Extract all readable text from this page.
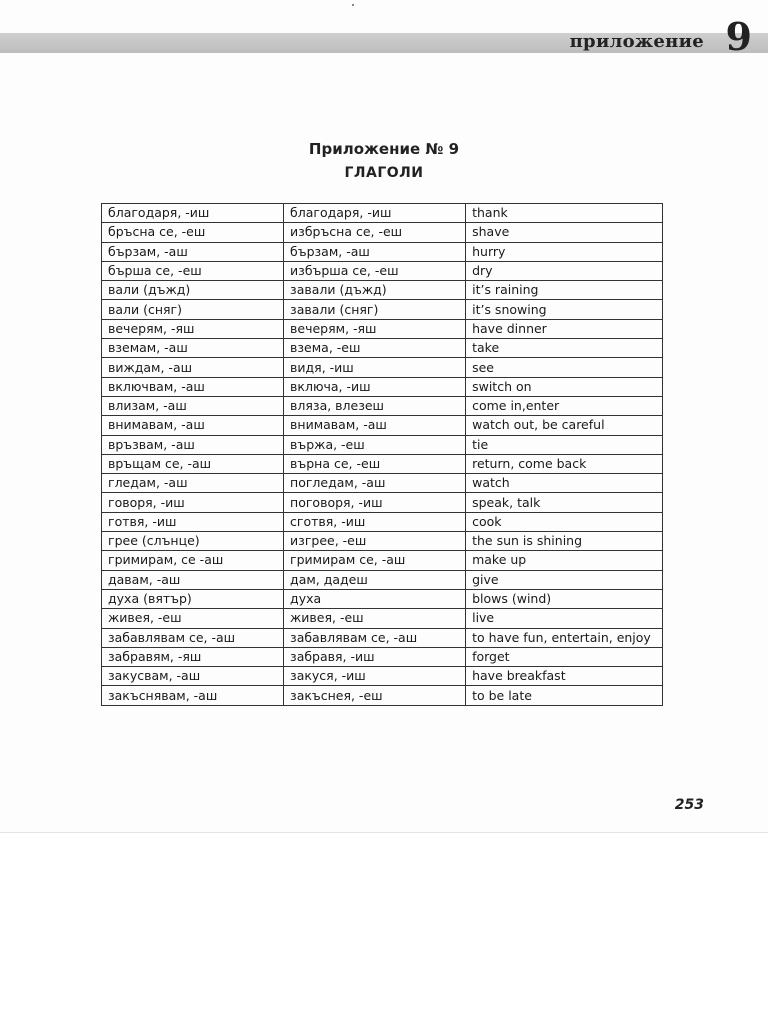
приложение 9
Приложение № 9
ГЛАГОЛИ
благодаря, -иш	благодаря, -иш	thank
бръсна се, -еш	избръсна се, -еш	shave
бързам, -аш	бързам, -аш	hurry
бърша се, -еш	избърша се, -еш	dry
вали (дъжд)	завали (дъжд)	it’s raining
вали (сняг)	завали (сняг)	it’s snowing
вечерям, -яш	вечерям, -яш	have dinner
вземам, -аш	взема, -еш	take
виждам, -аш	видя, -иш	see
включвам, -аш	включа, -иш	switch on
влизам, -аш	вляза, влезеш	come in,enter
внимавам, -аш	внимавам, -аш	watch out, be careful
връзвам, -аш	вържа, -еш	tie
връщам се, -аш	върна се, -еш	return, come back
гледам, -аш	погледам, -аш	watch
говоря, -иш	поговоря, -иш	speak, talk
готвя, -иш	сготвя, -иш	cook
грее (слънце)	изгрее, -еш	the sun is shining
гримирам, се -аш	гримирам се, -аш	make up
давам, -аш	дам, дадеш	give
духа (вятър)	духа	blows (wind)
живея, -еш	живея, -еш	live
забавлявам се, -аш	забавлявам се, -аш	to have fun, entertain, enjoy
забравям, -яш	забравя, -иш	forget
закусвам, -аш	закуся, -иш	have breakfast
закъснявам, -аш	закъснея, -еш	to be late
253
